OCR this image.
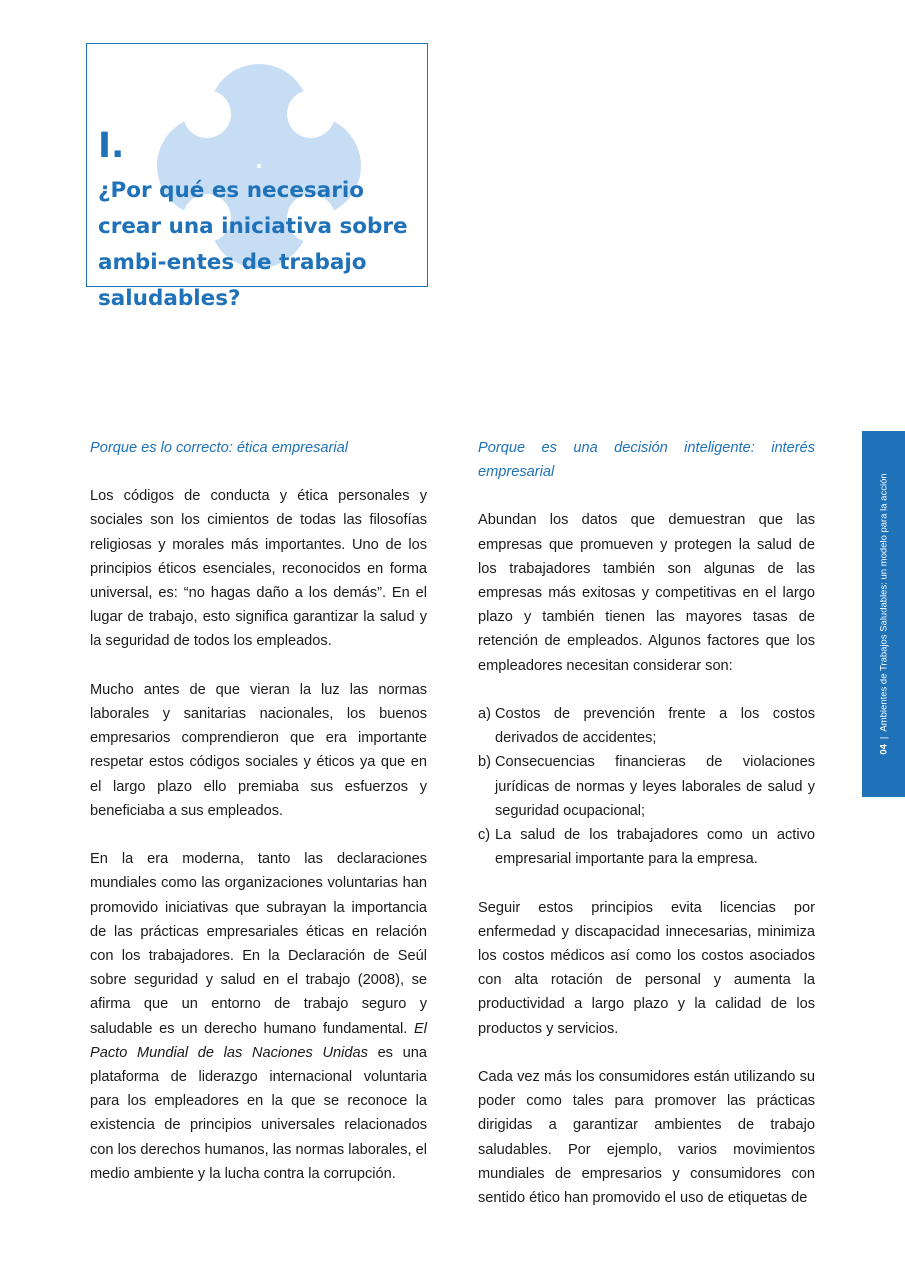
I.
¿Por qué es necesario crear una iniciativa sobre ambi-entes de trabajo saludables?

Porque es lo correcto: ética empresarial

Los códigos de conducta y ética personales y sociales son los cimientos de todas las filosofías religiosas y morales más importantes. Uno de los principios éticos esenciales, reconocidos en forma universal, es: “no hagas daño a los demás”. En el lugar de trabajo, esto significa garantizar la salud y la seguridad de todos los empleados.

Mucho antes de que vieran la luz las normas laborales y sanitarias nacionales, los buenos empresarios comprendieron que era importante respetar estos códigos sociales y éticos ya que en el largo plazo ello premiaba sus esfuerzos y beneficiaba a sus empleados.

En la era moderna, tanto las declaraciones mundiales como las organizaciones voluntarias han promovido iniciativas que subrayan la importancia de las prácticas empresariales éticas en relación con los trabajadores. En la Declaración de Seúl sobre seguridad y salud en el trabajo (2008), se afirma que un entorno de trabajo seguro y saludable es un derecho humano fundamental. El Pacto Mundial de las Naciones Unidas es una plataforma de liderazgo internacional voluntaria para los empleadores en la que se reconoce la existencia de principios universales relacionados con los derechos humanos, las normas laborales, el medio ambiente y la lucha contra la corrupción.

Porque es una decisión inteligente: interés empresarial

Abundan los datos que demuestran que las empresas que promueven y protegen la salud de los trabajadores también son algunas de las empresas más exitosas y competitivas en el largo plazo y también tienen las mayores tasas de retención de empleados. Algunos factores que los empleadores necesitan considerar son:

a) Costos de prevención frente a los costos derivados de accidentes;
b) Consecuencias financieras de violaciones jurídicas de normas y leyes laborales de salud y seguridad ocupacional;
c) La salud de los trabajadores como un activo empresarial importante para la empresa.

Seguir estos principios evita licencias por enfermedad y discapacidad innecesarias, minimiza los costos médicos así como los costos asociados con alta rotación de personal y aumenta la productividad a largo plazo y la calidad de los productos y servicios.

Cada vez más los consumidores están utilizando su poder como tales para promover las prácticas dirigidas a garantizar ambientes de trabajo saludables. Por ejemplo, varios movimientos mundiales de empresarios y consumidores con sentido ético han promovido el uso de etiquetas de

04|Ambientes de Trabajos Saludables: un modelo para la acción
